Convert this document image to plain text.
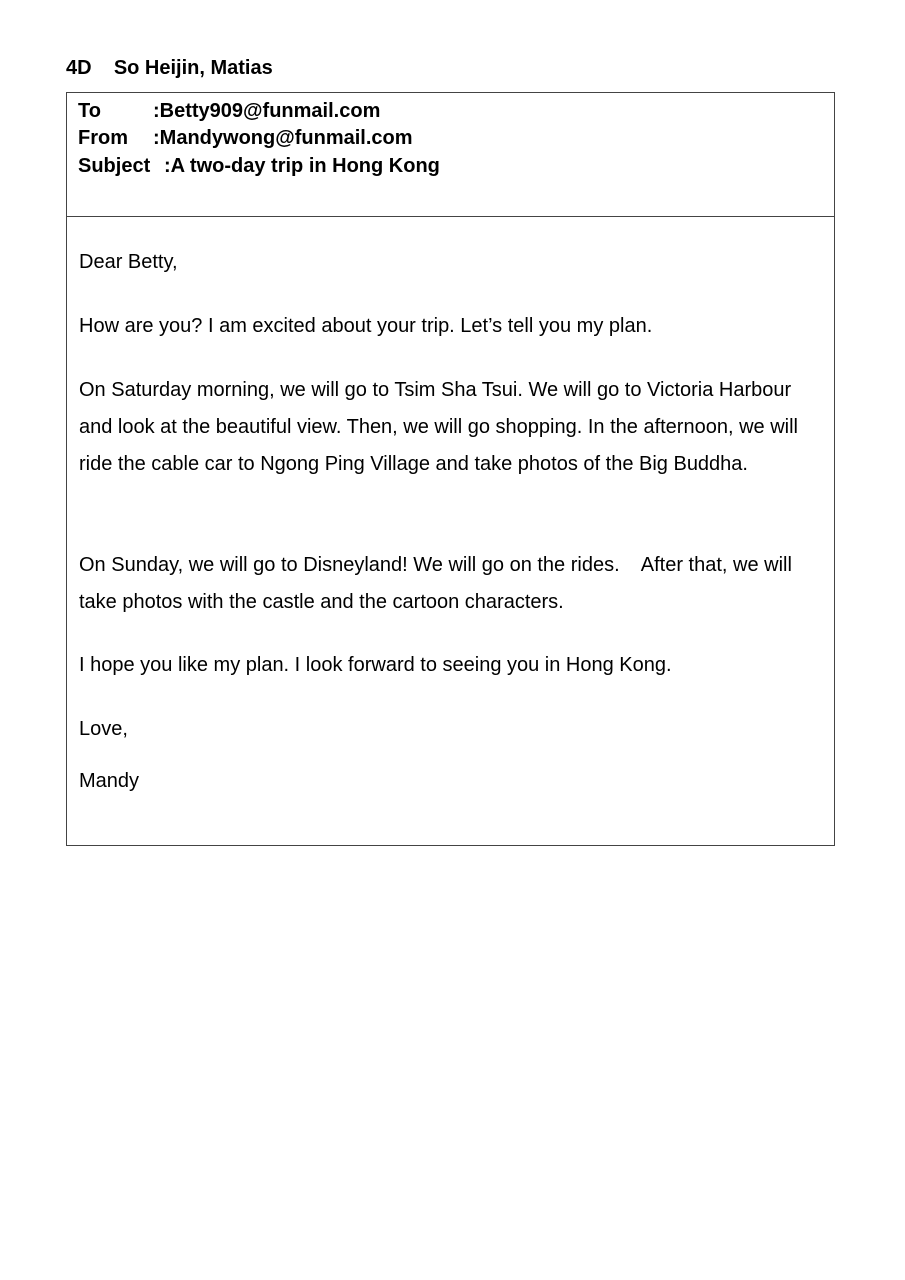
4D So Heijin, Matias
To	:Betty909@funmail.com
From :Mandywong@funmail.com
Subject :A two-day trip in Hong Kong
Dear Betty,
How are you? I am excited about your trip. Let’s tell you my plan.
On Saturday morning, we will go to Tsim Sha Tsui. We will go to Victoria Harbour and look at the beautiful view. Then, we will go shopping. In the afternoon, we will ride the cable car to Ngong Ping Village and take photos of the Big Buddha.
On Sunday, we will go to Disneyland! We will go on the rides.    After that, we will take photos with the castle and the cartoon characters.
I hope you like my plan. I look forward to seeing you in Hong Kong.
Love,
Mandy
